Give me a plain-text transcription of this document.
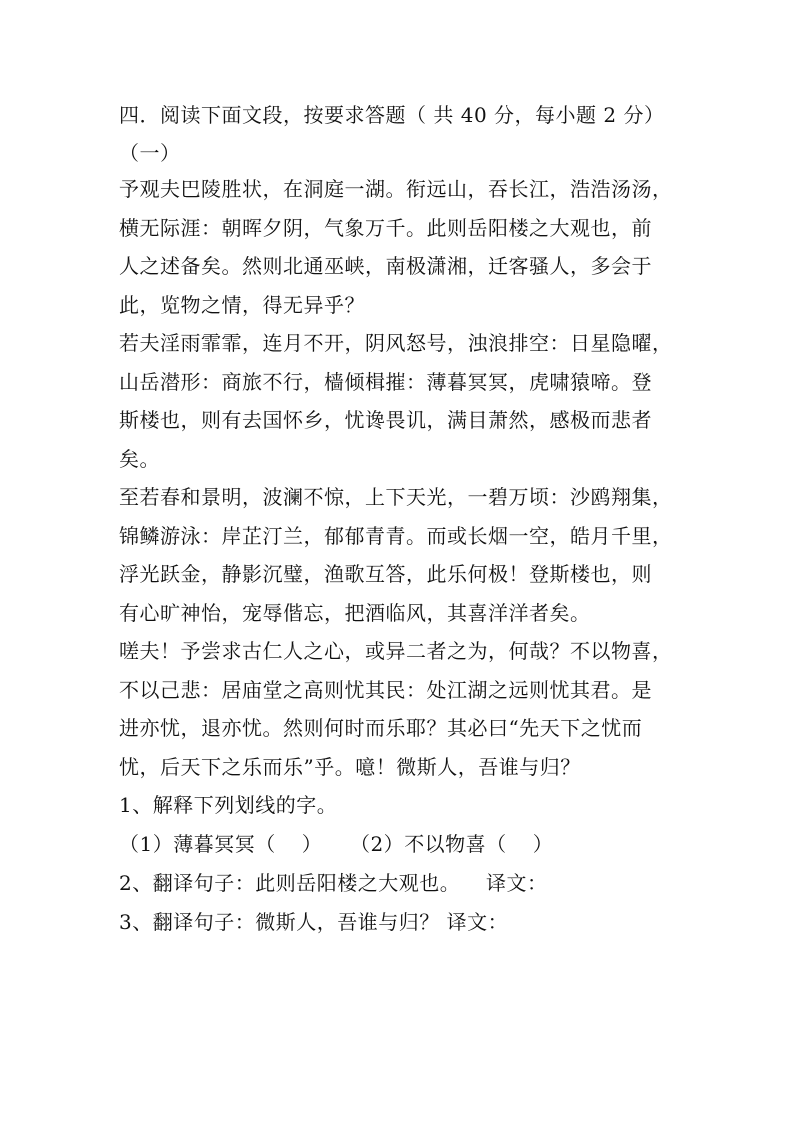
四．阅读下面文段，按要求答题（ 共 40 分，每小题 2 分）
（一）
予观夫巴陵胜状，在洞庭一湖。衔远山，吞长江，浩浩汤汤，
横无际涯：朝晖夕阴，气象万千。此则岳阳楼之大观也，前
人之述备矣。然则北通巫峡，南极潇湘，迁客骚人，多会于
此，览物之情，得无异乎？
若夫淫雨霏霏，连月不开，阴风怒号，浊浪排空：日星隐曜，
山岳潜形：商旅不行，樯倾楫摧：薄暮冥冥，虎啸猿啼。登
斯楼也，则有去国怀乡，忧谗畏讥，满目萧然，感极而悲者
矣。
至若春和景明，波澜不惊，上下天光，一碧万顷：沙鸥翔集，
锦鳞游泳：岸芷汀兰，郁郁青青。而或长烟一空，皓月千里，
浮光跃金，静影沉璧，渔歌互答，此乐何极！登斯楼也，则
有心旷神怡，宠辱偕忘，把酒临风，其喜洋洋者矣。
嗟夫！予尝求古仁人之心，或异二者之为，何哉？不以物喜，
不以己悲：居庙堂之高则忧其民：处江湖之远则忧其君。是
进亦忧，退亦忧。然则何时而乐耶？其必曰“先天下之忧而
忧，后天下之乐而乐”乎。噫！微斯人，吾谁与归？
1、解释下列划线的字。
（1）薄暮冥冥（ ） （2）不以物喜（ ）
2、翻译句子：此则岳阳楼之大观也。 译文：
3、翻译句子：微斯人，吾谁与归？ 译文：
